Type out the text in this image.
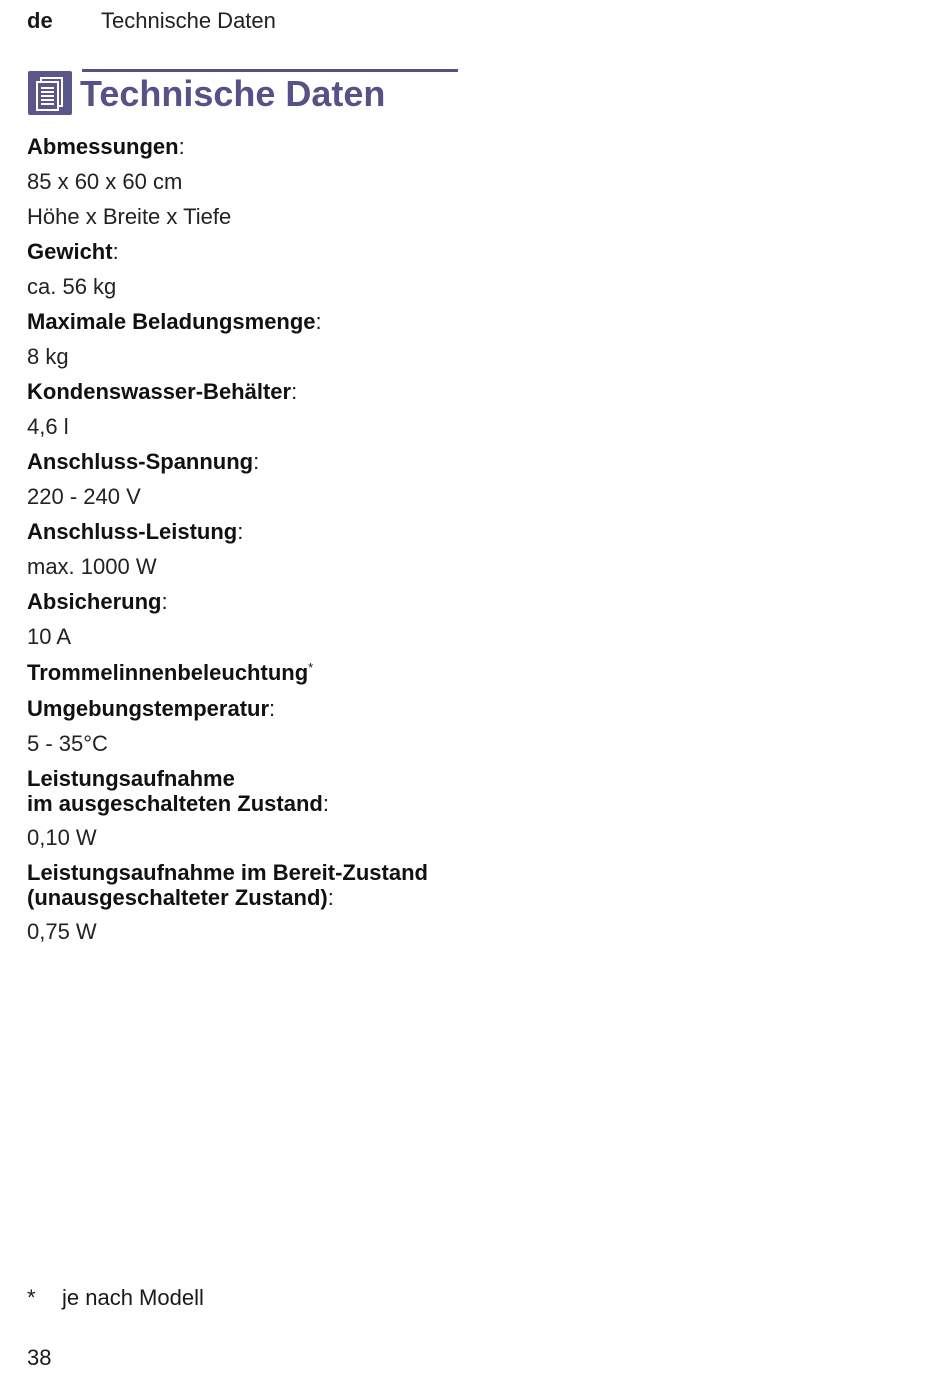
de	Technische Daten
Technische Daten

Abmessungen:

85 x 60 x 60 cm

Höhe x Breite x Tiefe

Gewicht:

ca. 56 kg

Maximale Beladungsmenge:

8 kg

Kondenswasser-Behälter:

4,6 l

Anschluss-Spannung:

220 - 240 V

Anschluss-Leistung:

max. 1000 W

Absicherung:

10 A

Trommelinnenbeleuchtung*

Umgebungstemperatur:

5 - 35°C

Leistungsaufnahme

im ausgeschalteten Zustand:

0,10 W

Leistungsaufnahme im Bereit-Zustand

(unausgeschalteter Zustand):

0,75 W

* je nach Modell
38
